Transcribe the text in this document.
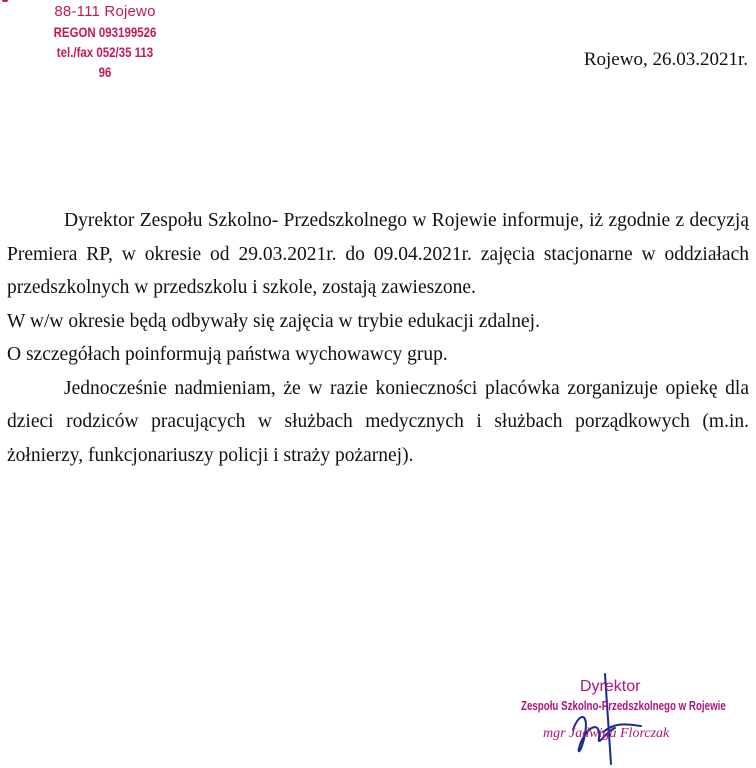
88-111 Rojewo
REGON 093199526
tel./fax 052/35 113 96
Rojewo, 26.03.2021r.

Dyrektor Zespołu Szkolno- Przedszkolnego w Rojewie informuje, iż zgodnie z decyzją Premiera RP, w okresie od 29.03.2021r. do 09.04.2021r. zajęcia stacjonarne w oddziałach przedszkolnych w przedszkolu i szkole, zostają zawieszone.

W w/w okresie będą odbywały się zajęcia w trybie edukacji zdalnej.

O szczegółach poinformują państwa wychowawcy grup.

Jednocześnie nadmieniam, że w razie konieczności placówka zorganizuje opiekę dla dzieci rodziców pracujących w służbach medycznych i służbach porządkowych (m.in. żołnierzy, funkcjonariuszy policji i straży pożarnej).

Dyrektor
Zespołu Szkolno-Przedszkolnego w Rojewie
mgr Jadwiga Florczak
